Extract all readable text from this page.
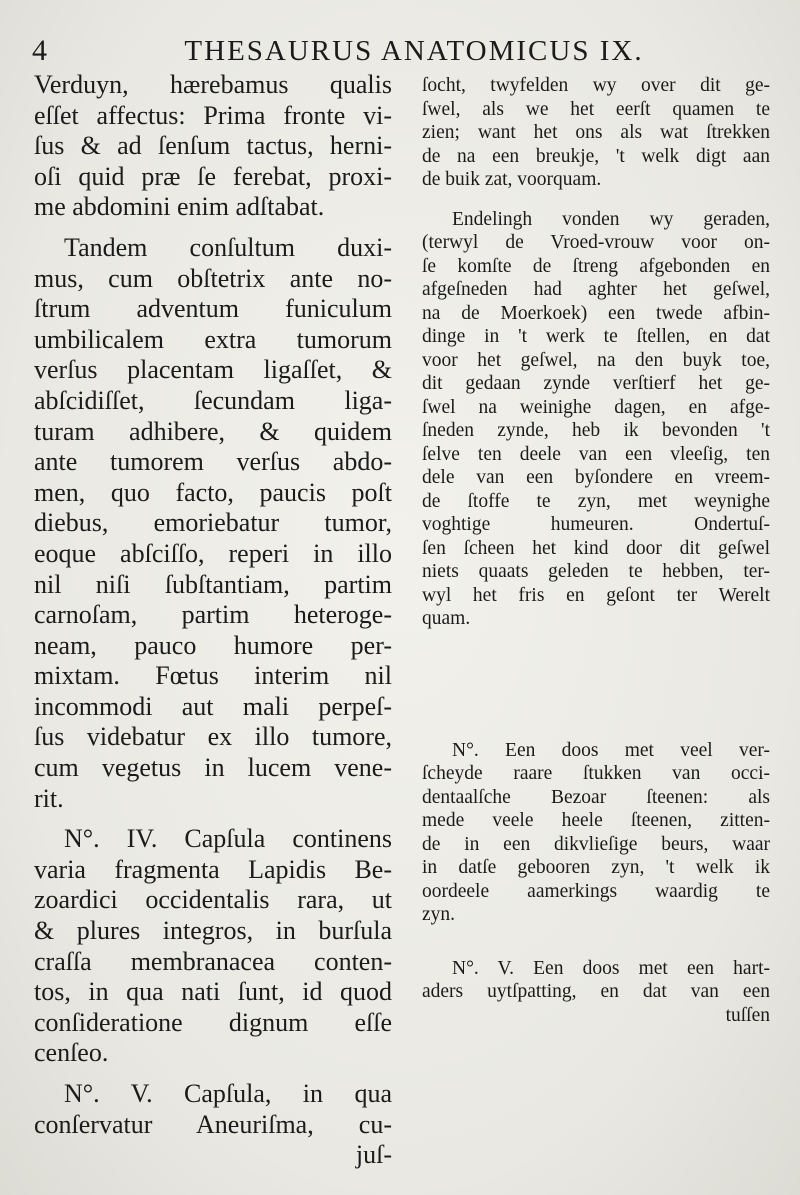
4	THESAURUS ANATOMICUS IX.
Verduyn, hærebamus qualis
eſſet affectus: Prima fronte vi-
ſus & ad ſenſum tactus, herni-
oſi quid præ ſe ferebat, proxi-
me abdomini enim adſtabat.
Tandem conſultum duxi-
mus, cum obſtetrix ante no-
ſtrum adventum funiculum
umbilicalem extra tumorum
verſus placentam ligaſſet, &
abſcidiſſet, ſecundam liga-
turam adhibere, & quidem
ante tumorem verſus abdo-
men, quo facto, paucis poſt
diebus, emoriebatur tumor,
eoque abſciſſo, reperi in illo
nil niſi ſubſtantiam, partim
carnoſam, partim heteroge-
neam, pauco humore per-
mixtam. Fœtus interim nil
incommodi aut mali perpeſ-
ſus videbatur ex illo tumore,
cum vegetus in lucem vene-
rit.
N°. IV. Capſula continens
varia fragmenta Lapidis Be-
zoardici occidentalis rara, ut
& plures integros, in burſula
craſſa membranacea conten-
tos, in qua nati ſunt, id quod
conſideratione dignum eſſe
cenſeo.
N°. V. Capſula, in qua
conſervatur Aneuriſma, cu-
juſ-
ſocht, twyfelden wy over dit ge-
ſwel, als we het eerſt quamen te
zien; want het ons als wat ſtrekken
de na een breukje, 't welk digt aan
de buik zat, voorquam.
Endelingh vonden wy geraden,
(terwyl de Vroed-vrouw voor on-
ſe komſte de ſtreng afgebonden en
afgeſneden had aghter het geſwel,
na de Moerkoek) een twede afbin-
dinge in 't werk te ſtellen, en dat
voor het geſwel, na den buyk toe,
dit gedaan zynde verſtierf het ge-
ſwel na weinighe dagen, en afge-
ſneden zynde, heb ik bevonden 't
ſelve ten deele van een vleeſig, ten
dele van een byſondere en vreem-
de ſtoffe te zyn, met weynighe
voghtige humeuren. Ondertuſ-
ſen ſcheen het kind door dit geſwel
niets quaats geleden te hebben, ter-
wyl het fris en geſont ter Werelt
quam.
N°. Een doos met veel ver-
ſcheyde raare ſtukken van occi-
dentaalſche Bezoar ſteenen: als
mede veele heele ſteenen, zitten-
de in een dikvlieſige beurs, waar
in datſe gebooren zyn, 't welk ik
oordeele aamerkings waardig te
zyn.
N°. V. Een doos met een hart-
aders uytſpatting, en dat van een
tuſſen
